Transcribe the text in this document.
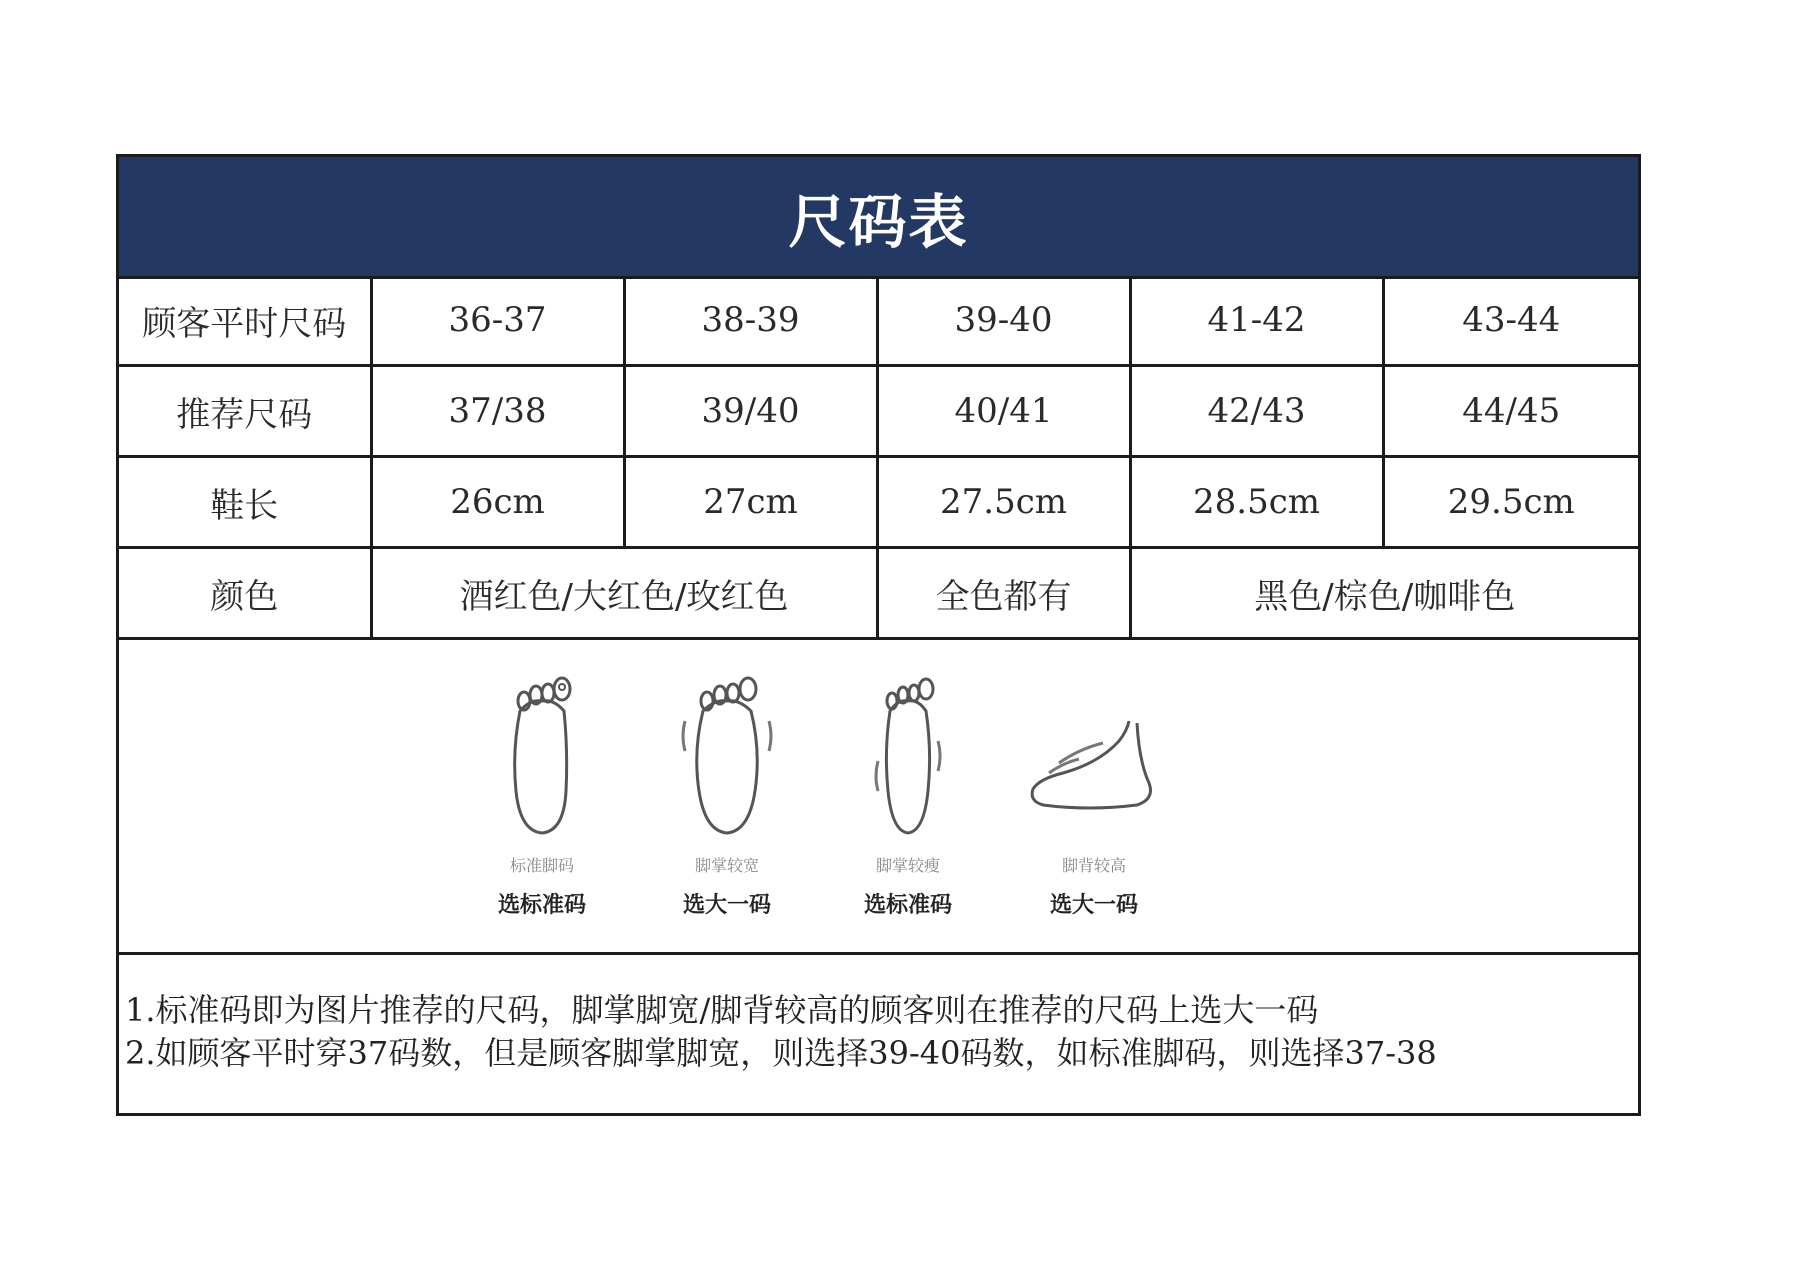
尺码表
顾客平时尺码	36-37	38-39	39-40	41-42	43-44
推荐尺码	37/38	39/40	40/41	42/43	44/45
鞋长	26cm	27cm	27.5cm	28.5cm	29.5cm
颜色	酒红色/大红色/玫红色		全色都有	黑色/棕色/咖啡色	
标准脚码
选标准码
脚掌较宽
选大一码
脚掌较瘦
选标准码
脚背较高
选大一码
1.标准码即为图片推荐的尺码，脚掌脚宽/脚背较高的顾客则在推荐的尺码上选大一码
2.如顾客平时穿37码数，但是顾客脚掌脚宽，则选择39-40码数，如标准脚码，则选择37-38
